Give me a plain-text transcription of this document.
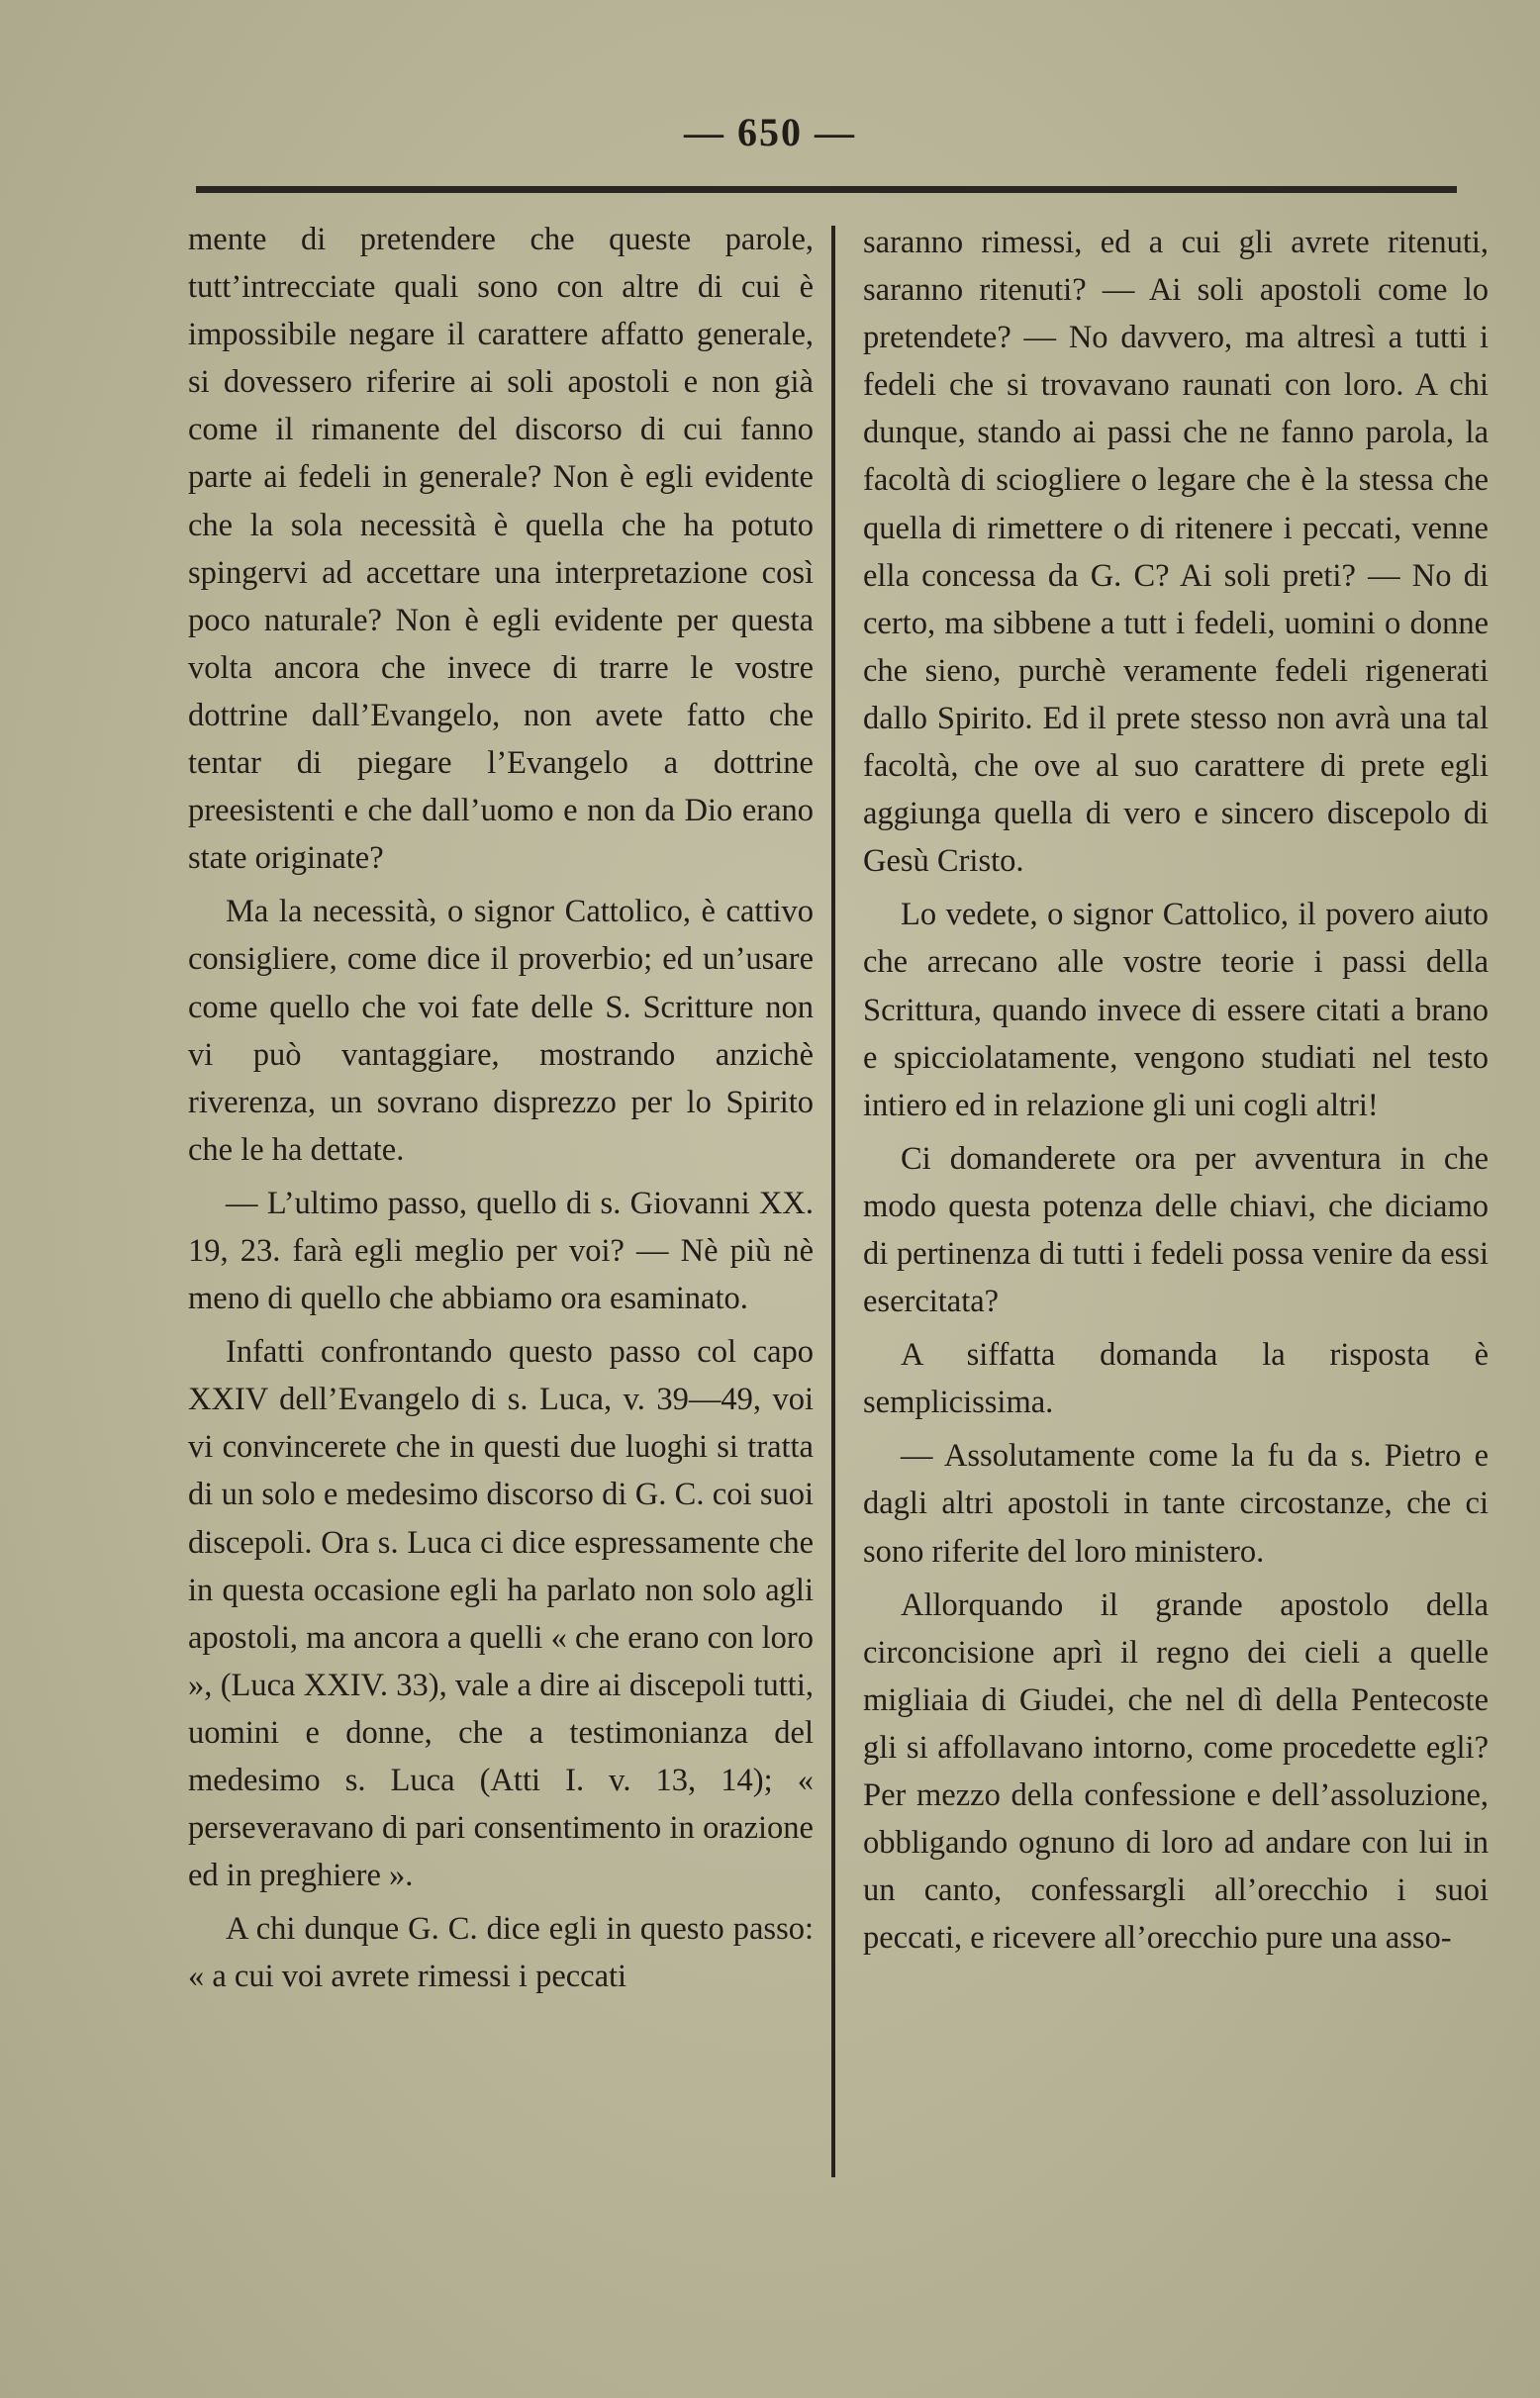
— 650 —

mente di pretendere che queste parole, tutt’intrecciate quali sono con altre di cui è impossibile negare il carattere affatto generale, si dovessero riferire ai soli apostoli e non già come il rimanente del discorso di cui fanno parte ai fedeli in generale? Non è egli evidente che la sola necessità è quella che ha potuto spingervi ad accettare una interpretazione così poco naturale? Non è egli evidente per questa volta ancora che invece di trarre le vostre dottrine dall’Evangelo, non avete fatto che tentar di piegare l’Evangelo a dottrine preesistenti e che dall’uomo e non da Dio erano state originate?

Ma la necessità, o signor Cattolico, è cattivo consigliere, come dice il proverbio; ed un’usare come quello che voi fate delle S. Scritture non vi può vantaggiare, mostrando anzichè riverenza, un sovrano disprezzo per lo Spirito che le ha dettate.

— L’ultimo passo, quello di s. Giovanni XX. 19, 23. farà egli meglio per voi? — Nè più nè meno di quello che abbiamo ora esaminato.

Infatti confrontando questo passo col capo XXIV dell’Evangelo di s. Luca, v. 39—49, voi vi convincerete che in questi due luoghi si tratta di un solo e medesimo discorso di G. C. coi suoi discepoli. Ora s. Luca ci dice espressamente che in questa occasione egli ha parlato non solo agli apostoli, ma ancora a quelli « che erano con loro », (Luca XXIV. 33), vale a dire ai discepoli tutti, uomini e donne, che a testimonianza del medesimo s. Luca (Atti I. v. 13, 14); « perseveravano di pari consentimento in orazione ed in preghiere ».

A chi dunque G. C. dice egli in questo passo: « a cui voi avrete rimessi i peccati

saranno rimessi, ed a cui gli avrete ritenuti, saranno ritenuti? — Ai soli apostoli come lo pretendete? — No davvero, ma altresì a tutti i fedeli che si trovavano raunati con loro. A chi dunque, stando ai passi che ne fanno parola, la facoltà di sciogliere o legare che è la stessa che quella di rimettere o di ritenere i peccati, venne ella concessa da G. C? Ai soli preti? — No di certo, ma sibbene a tutt i fedeli, uomini o donne che sieno, purchè veramente fedeli rigenerati dallo Spirito. Ed il prete stesso non avrà una tal facoltà, che ove al suo carattere di prete egli aggiunga quella di vero e sincero discepolo di Gesù Cristo.

Lo vedete, o signor Cattolico, il povero aiuto che arrecano alle vostre teorie i passi della Scrittura, quando invece di essere citati a brano e spicciolatamente, vengono studiati nel testo intiero ed in relazione gli uni cogli altri!

Ci domanderete ora per avventura in che modo questa potenza delle chiavi, che diciamo di pertinenza di tutti i fedeli possa venire da essi esercitata?

A siffatta domanda la risposta è semplicissima.

— Assolutamente come la fu da s. Pietro e dagli altri apostoli in tante circostanze, che ci sono riferite del loro ministero.

Allorquando il grande apostolo della circoncisione aprì il regno dei cieli a quelle migliaia di Giudei, che nel dì della Pentecoste gli si affollavano intorno, come procedette egli? Per mezzo della confessione e dell’assoluzione, obbligando ognuno di loro ad andare con lui in un canto, confessargli all’orecchio i suoi peccati, e ricevere all’orecchio pure una asso-
